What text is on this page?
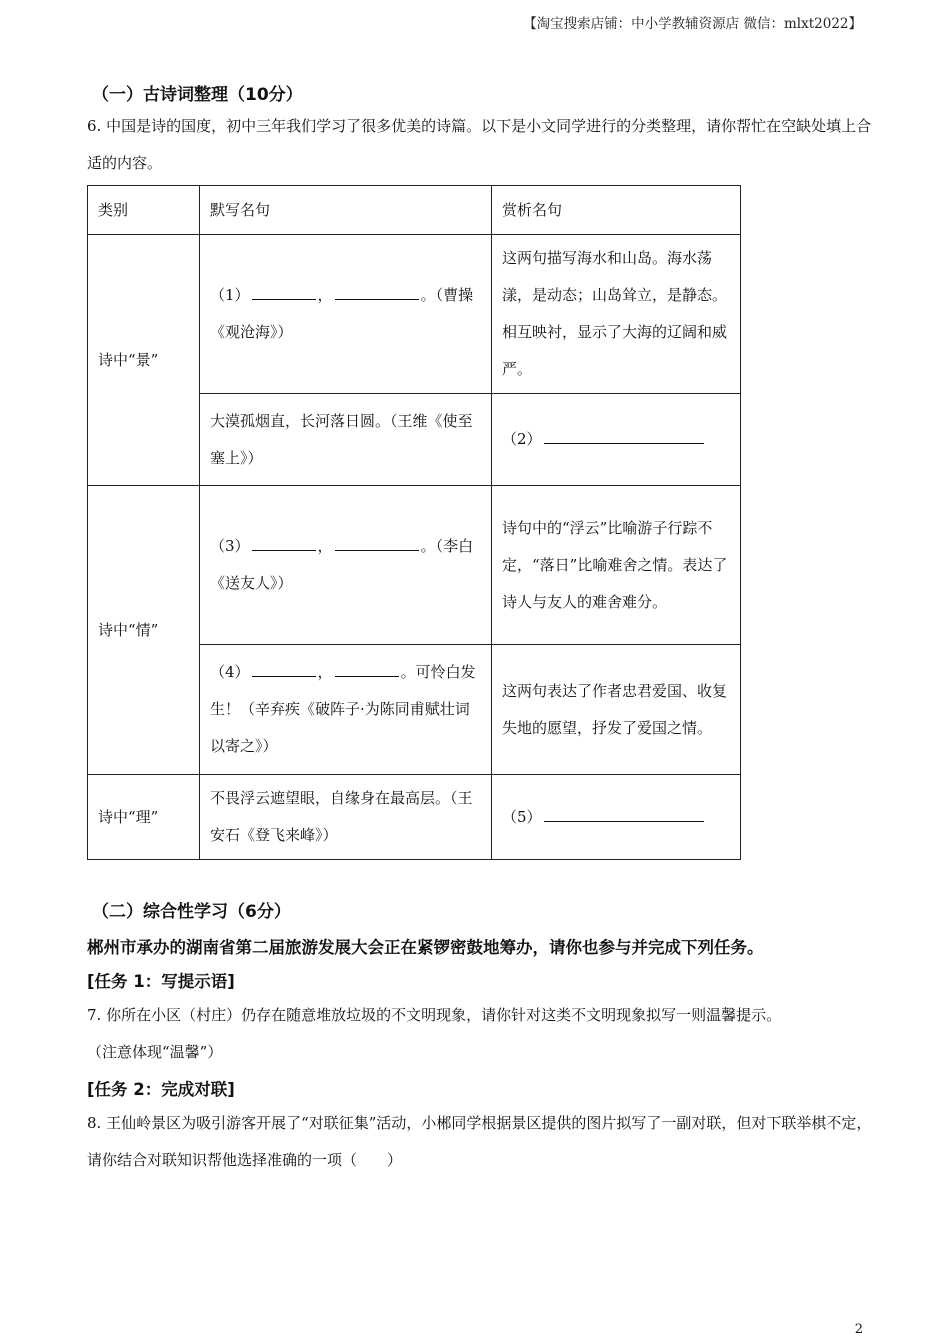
【淘宝搜索店铺：中小学教辅资源店 微信：mlxt2022】
（一）古诗词整理（10分）
6. 中国是诗的国度，初中三年我们学习了很多优美的诗篇。以下是小文同学进行的分类整理，请你帮忙在空缺处填上合适的内容。
类别	默写名句	赏析名句
诗中“景”	（1） ， 。（曹操《观沧海》）	这两句描写海水和山岛。海水荡漾，是动态；山岛耸立，是静态。相互映衬，显示了大海的辽阔和威严。
	大漠孤烟直，长河落日圆。（王维《使至塞上》）	（2）
诗中“情”	（3） ， 。（李白《送友人》）	诗句中的“浮云”比喻游子行踪不定，“落日”比喻难舍之情。表达了诗人与友人的难舍难分。
	（4） ， 。可怜白发生！（辛弃疾《破阵子·为陈同甫赋壮词以寄之》）	这两句表达了作者忠君爱国、收复失地的愿望，抒发了爱国之情。
诗中“理”	不畏浮云遮望眼，自缘身在最高层。（王安石《登飞来峰》）	（5）
（二）综合性学习（6分）
郴州市承办的湖南省第二届旅游发展大会正在紧锣密鼓地筹办，请你也参与并完成下列任务。
[任务 1：写提示语]
7. 你所在小区（村庄）仍存在随意堆放垃圾的不文明现象，请你针对这类不文明现象拟写一则温馨提示。
（注意体现“温馨”）
[任务 2：完成对联]
8. 王仙岭景区为吸引游客开展了“对联征集”活动，小郴同学根据景区提供的图片拟写了一副对联，但对下联举棋不定，请你结合对联知识帮他选择准确的一项（　　）
2
